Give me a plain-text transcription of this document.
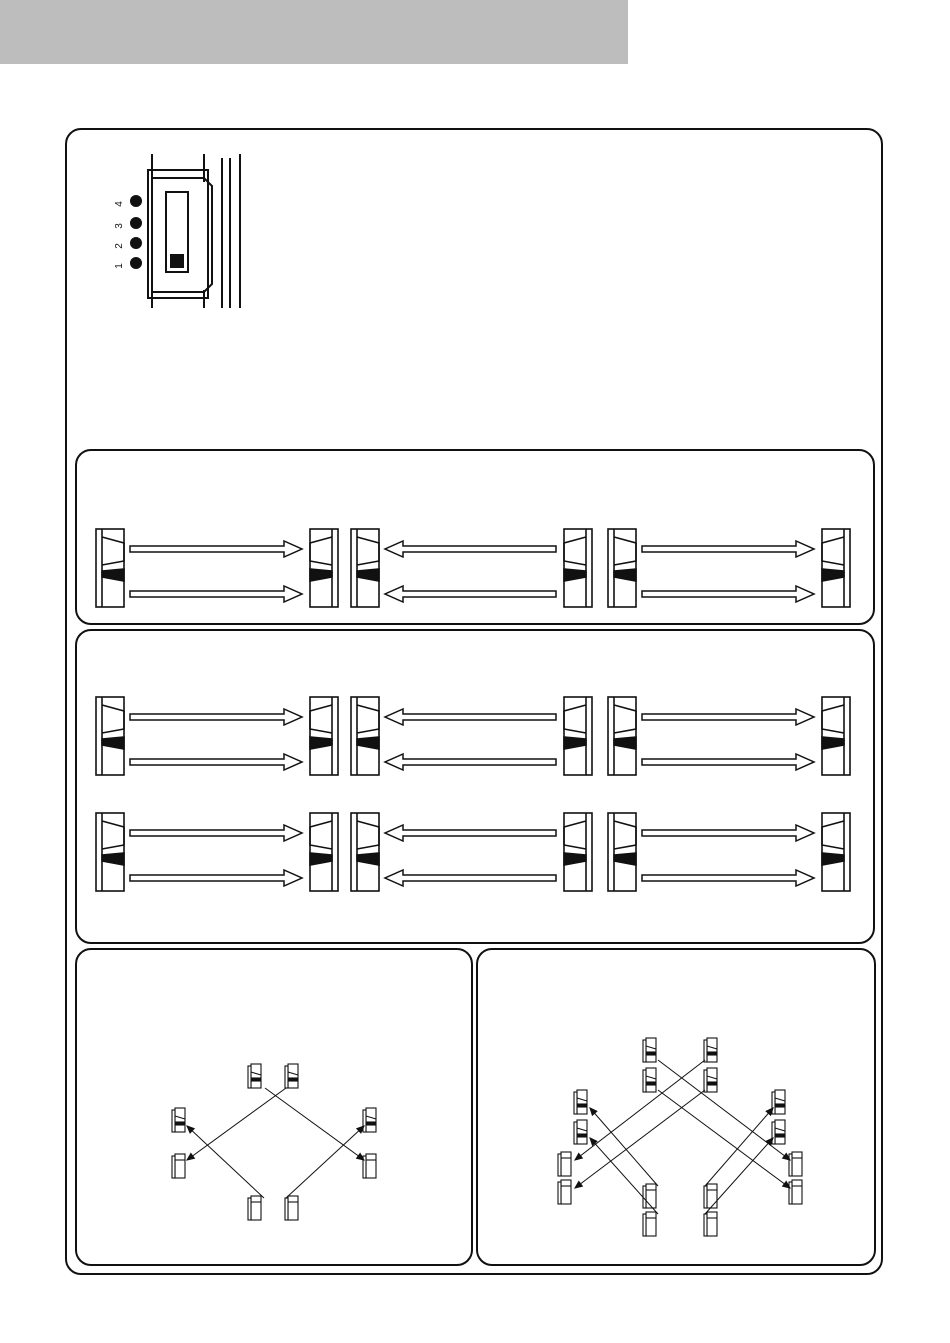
4
3
2
1
